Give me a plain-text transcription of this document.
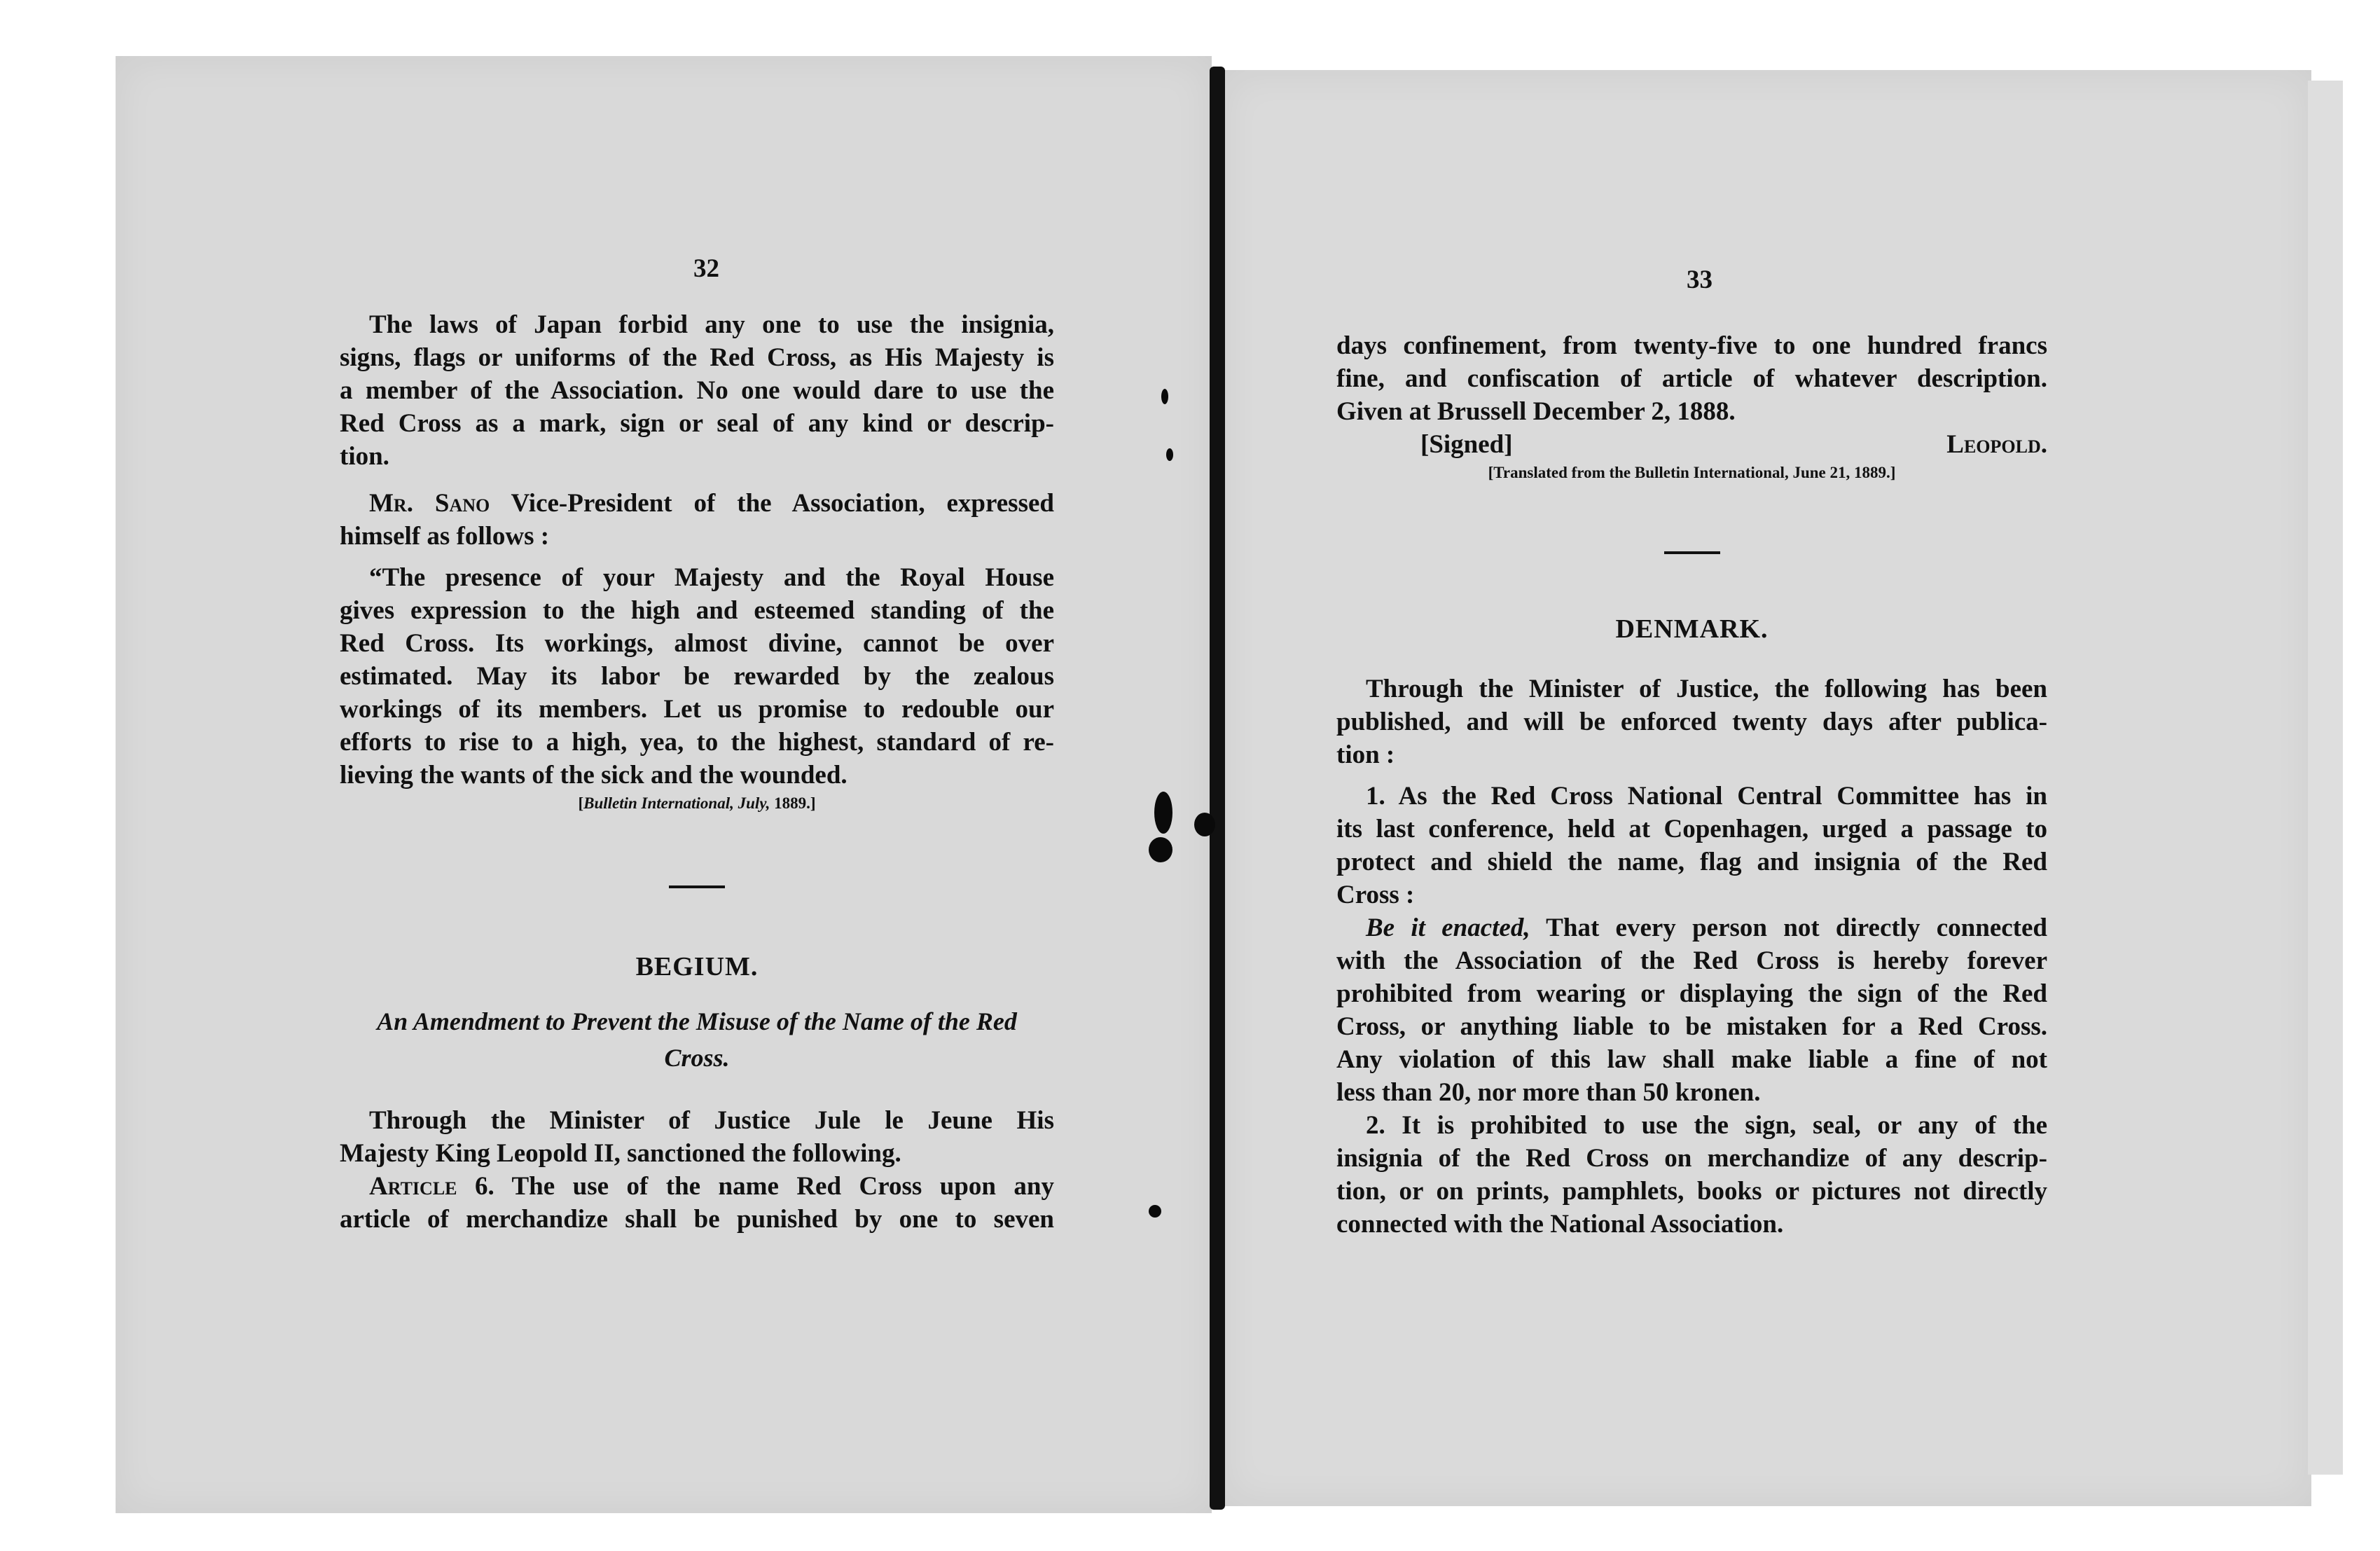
32	33

The laws of Japan forbid any one to use the insignia,

signs, flags or uniforms of the Red Cross, as His Majesty is

a member of the Association. No one would dare to use the

Red Cross as a mark, sign or seal of any kind or descrip-

tion.

Mr. Sano Vice-President of the Association, expressed

himself as follows :

“The presence of your Majesty and the Royal House

gives expression to the high and esteemed standing of the

Red Cross. Its workings, almost divine, cannot be over

estimated. May its labor be rewarded by the zealous

workings of its members. Let us promise to redouble our

efforts to rise to a high, yea, to the highest, standard of re-

lieving the wants of the sick and the wounded.

[Bulletin International, July, 1889.]
BEGIUM.
An Amendment to Prevent the Misuse of the Name of the Red
Cross.

Through the Minister of Justice Jule le Jeune His

Majesty King Leopold II, sanctioned the following.

Article 6. The use of the name Red Cross upon any

article of merchandize shall be punished by one to seven

days confinement, from twenty-five to one hundred francs

fine, and confiscation of article of whatever description.

Given at Brussell December 2, 1888.

[Signed]	Leopold.
[Translated from the Bulletin International, June 21, 1889.]
DENMARK.

Through the Minister of Justice, the following has been

published, and will be enforced twenty days after publica-

tion :

1. As the Red Cross National Central Committee has in

its last conference, held at Copenhagen, urged a passage to

protect and shield the name, flag and insignia of the Red

Cross :

Be it enacted, That every person not directly connected

with the Association of the Red Cross is hereby forever

prohibited from wearing or displaying the sign of the Red

Cross, or anything liable to be mistaken for a Red Cross.

Any violation of this law shall make liable a fine of not

less than 20, nor more than 50 kronen.

2. It is prohibited to use the sign, seal, or any of the

insignia of the Red Cross on merchandize of any descrip-

tion, or on prints, pamphlets, books or pictures not directly

connected with the National Association.
